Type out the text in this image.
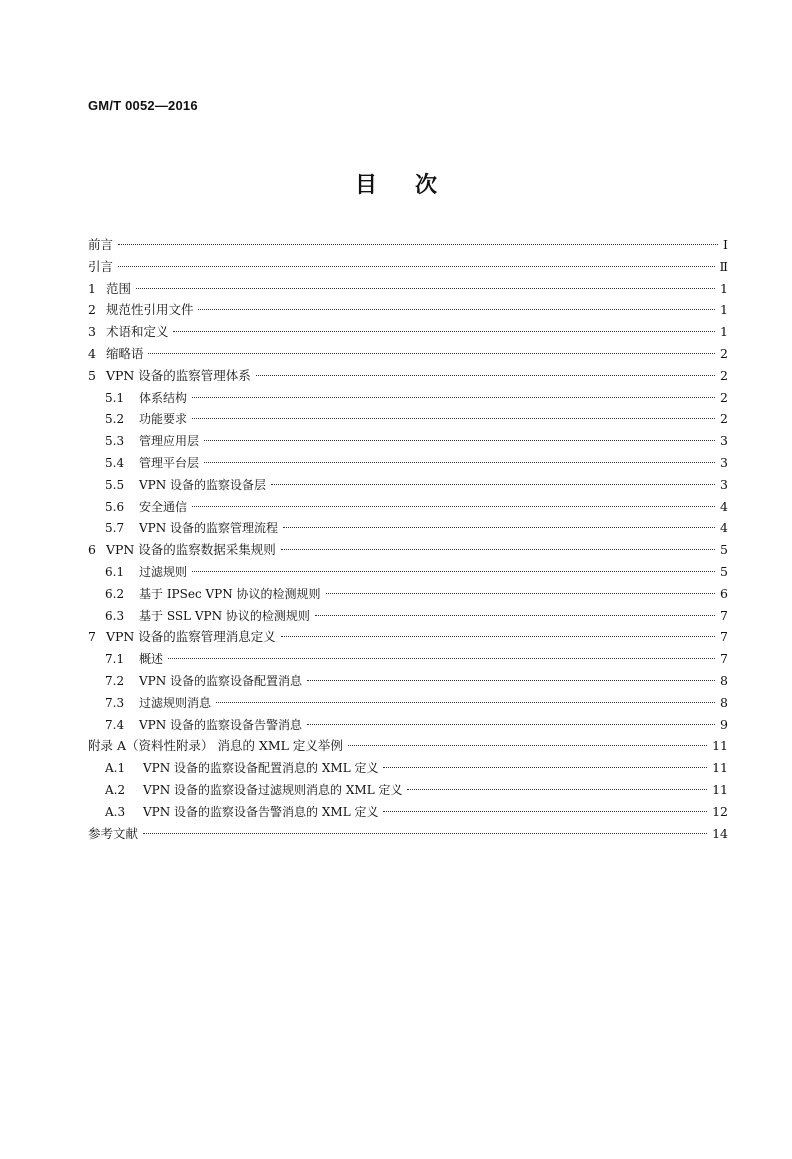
GM/T 0052—2016
目次
前言	Ⅰ
引言	Ⅱ
1 范围	1
2 规范性引用文件	1
3 术语和定义	1
4 缩略语	2
5 VPN 设备的监察管理体系	2
5.1	体系结构	2
5.2	功能要求	2
5.3	管理应用层	3
5.4	管理平台层	3
5.5	VPN 设备的监察设备层	3
5.6	安全通信	4
5.7	VPN 设备的监察管理流程	4
6 VPN 设备的监察数据采集规则	5
6.1	过滤规则	5
6.2	基于 IPSec VPN 协议的检测规则	6
6.3	基于 SSL VPN 协议的检测规则	7
7 VPN 设备的监察管理消息定义	7
7.1	概述	7
7.2	VPN 设备的监察设备配置消息	8
7.3	过滤规则消息	8
7.4	VPN 设备的监察设备告警消息	9
附录 A（资料性附录） 消息的 XML 定义举例	11
A.1	VPN 设备的监察设备配置消息的 XML 定义	11
A.2	VPN 设备的监察设备过滤规则消息的 XML 定义	11
A.3	VPN 设备的监察设备告警消息的 XML 定义	12
参考文献	14
